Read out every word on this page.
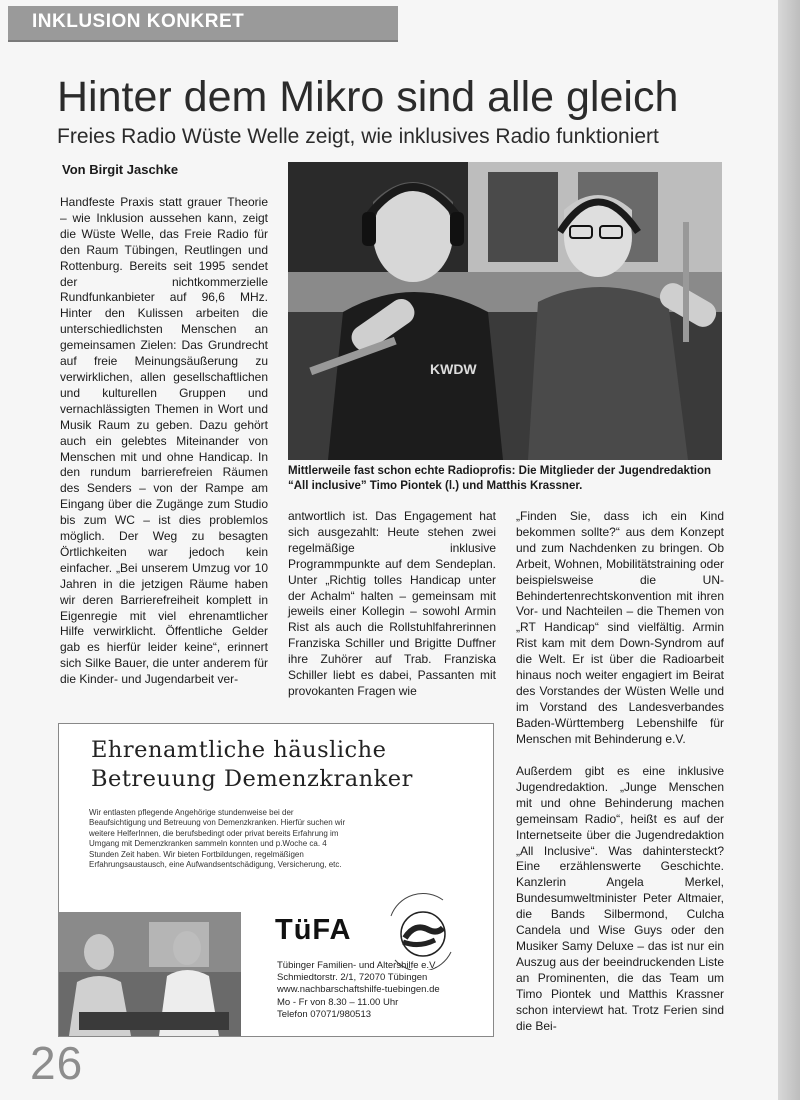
INKLUSION KONKRET
Hinter dem Mikro sind alle gleich
Freies Radio Wüste Welle zeigt, wie inklusives Radio funktioniert
Von Birgit Jaschke
Handfeste Praxis statt grauer Theorie – wie Inklusion aussehen kann, zeigt die Wüste Welle, das Freie Radio für den Raum Tübingen, Reutlingen und Rottenburg. Bereits seit 1995 sendet der nichtkommerzielle Rundfunkanbieter auf 96,6 MHz. Hinter den Kulissen arbeiten die unterschiedlichsten Menschen an gemeinsamen Zielen: Das Grundrecht auf freie Meinungsäußerung zu verwirklichen, allen gesellschaftlichen und kulturellen Gruppen und vernachlässigten Themen in Wort und Musik Raum zu geben. Dazu gehört auch ein gelebtes Miteinander von Menschen mit und ohne Handicap. In den rundum barrierefreien Räumen des Senders – von der Rampe am Eingang über die Zugänge zum Studio bis zum WC – ist dies problemlos möglich. Der Weg zu besagten Örtlichkeiten war jedoch kein einfacher. „Bei unserem Umzug vor 10 Jahren in die jetzigen Räume haben wir deren Barrierefreiheit komplett in Eigenregie mit viel ehrenamtlicher Hilfe verwirklicht. Öffentliche Gelder gab es hierfür leider keine“, erinnert sich Silke Bauer, die unter anderem für die Kinder- und Jugendarbeit ver-
KWDW
Mittlerweile fast schon echte Radioprofis: Die Mitglieder der Jugendredaktion “All inclusive” Timo Piontek (l.) und Matthis Krassner.
antwortlich ist. Das Engagement hat sich ausgezahlt: Heute stehen zwei regelmäßige inklusive Programmpunkte auf dem Sendeplan. Unter „Richtig tolles Handicap unter der Achalm“ halten – gemeinsam mit jeweils einer Kollegin – sowohl Armin Rist als auch die Rollstuhlfahrerinnen Franziska Schiller und Brigitte Duffner ihre Zuhörer auf Trab. Franziska Schiller liebt es dabei, Passanten mit provokanten Fragen wie
„Finden Sie, dass ich ein Kind bekommen sollte?“ aus dem Konzept und zum Nachdenken zu bringen. Ob Arbeit, Wohnen, Mobilitätstraining oder beispielsweise die UN-Behindertenrechtskonvention mit ihren Vor- und Nachteilen – die Themen von „RT Handicap“ sind vielfältig. Armin Rist kam mit dem Down-Syndrom auf die Welt. Er ist über die Radioarbeit hinaus noch weiter engagiert im Beirat des Vorstandes der Wüsten Welle und im Vorstand des Landesverbandes Baden-Württemberg Lebenshilfe für Menschen mit Behinderung e.V.
Außerdem gibt es eine inklusive Jugendredaktion. „Junge Menschen mit und ohne Behinderung machen gemeinsam Radio“, heißt es auf der Internetseite über die Jugendredaktion „All Inclusive“. Was dahintersteckt? Eine erzählenswerte Geschichte. Kanzlerin Angela Merkel, Bundesumweltminister Peter Altmaier, die Bands Silbermond, Culcha Candela und Wise Guys oder den Musiker Samy Deluxe – das ist nur ein Auszug aus der beeindruckenden Liste an Prominenten, die das Team um Timo Piontek und Matthis Krassner schon interviewt hat. Trotz Ferien sind die Bei-
Ehrenamtliche häusliche
Betreuung Demenzkranker
Wir entlasten pflegende Angehörige stundenweise bei der Beaufsichtigung und Betreuung von Demenzkranken. Hierfür suchen wir weitere HelferInnen, die berufsbedingt oder privat bereits Erfahrung im Umgang mit Demenzkranken sammeln konnten und p.Woche ca. 4 Stunden Zeit haben. Wir bieten Fortbildungen, regelmäßigen Erfahrungsaustausch, eine Aufwandsentschädigung, Versicherung, etc.
TüFA
Tübinger Familien- und Altershilfe e.V.
Schmiedtorstr. 2/1, 72070 Tübingen
www.nachbarschaftshilfe-tuebingen.de
Mo - Fr von 8.30 – 11.00 Uhr
Telefon 07071/980513
26
